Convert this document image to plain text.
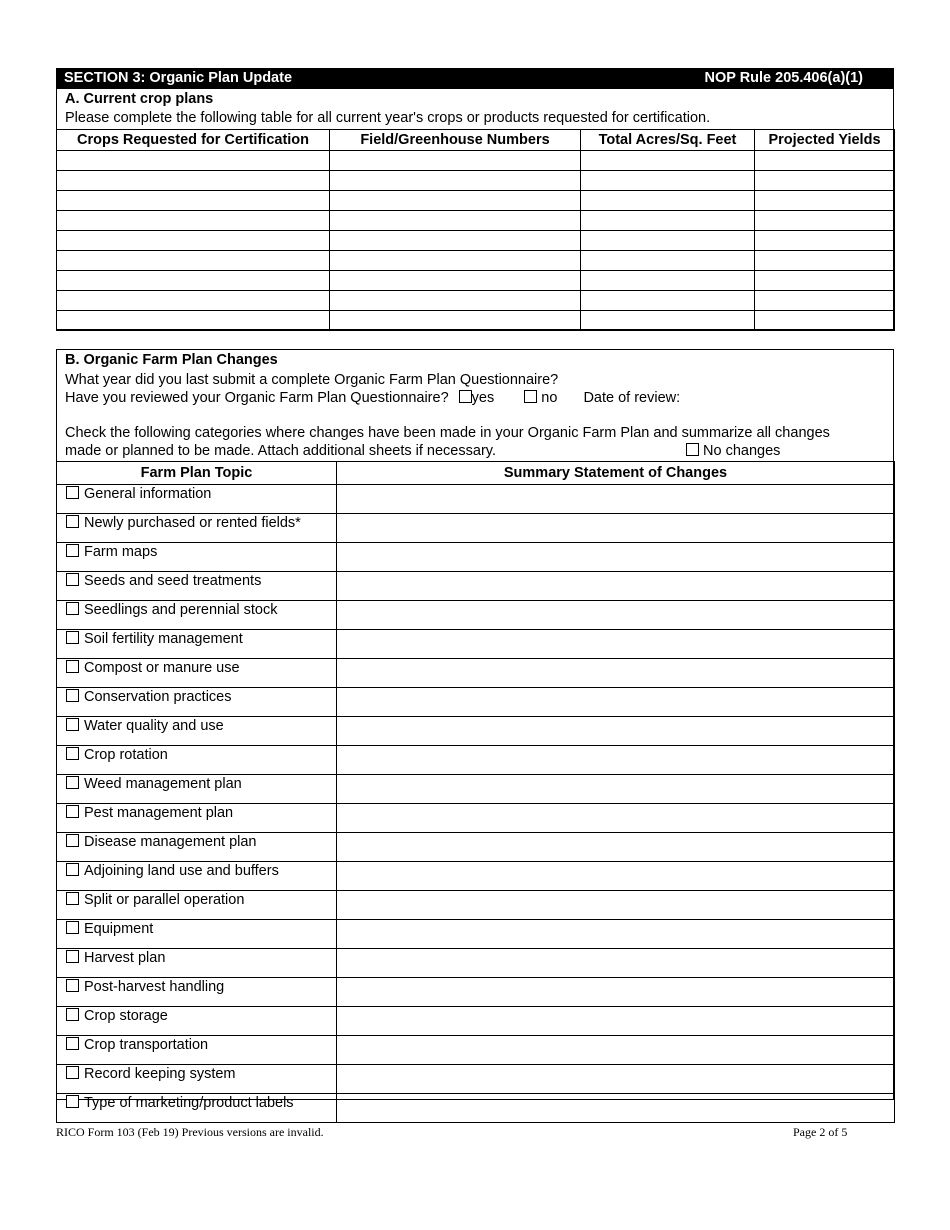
SECTION 3: Organic Plan Update	NOP Rule 205.406(a)(1)
A. Current crop plans
Please complete the following table for all current year's crops or products requested for certification.
Crops Requested for Certification	Field/Greenhouse Numbers	Total Acres/Sq. Feet	Projected Yields

B. Organic Farm Plan Changes
What year did you last submit a complete Organic Farm Plan Questionnaire?
Have you reviewed your Organic Farm Plan Questionnaire? yes	no Date of review:
Check the following categories where changes have been made in your Organic Farm Plan and summarize all changes
made or planned to be made. Attach additional sheets if necessary.	No changes
Farm Plan Topic	Summary Statement of Changes
General information	
Newly purchased or rented fields*	
Farm maps	
Seeds and seed treatments	
Seedlings and perennial stock	
Soil fertility management	
Compost or manure use	
Conservation practices	
Water quality and use	
Crop rotation	
Weed management plan	
Pest management plan	
Disease management plan	
Adjoining land use and buffers	
Split or parallel operation	
Equipment	
Harvest plan	
Post-harvest handling	
Crop storage	
Crop transportation	
Record keeping system	
Type of marketing/product labels	
RICO Form 103 (Feb 19) Previous versions are invalid.	Page 2 of 5
